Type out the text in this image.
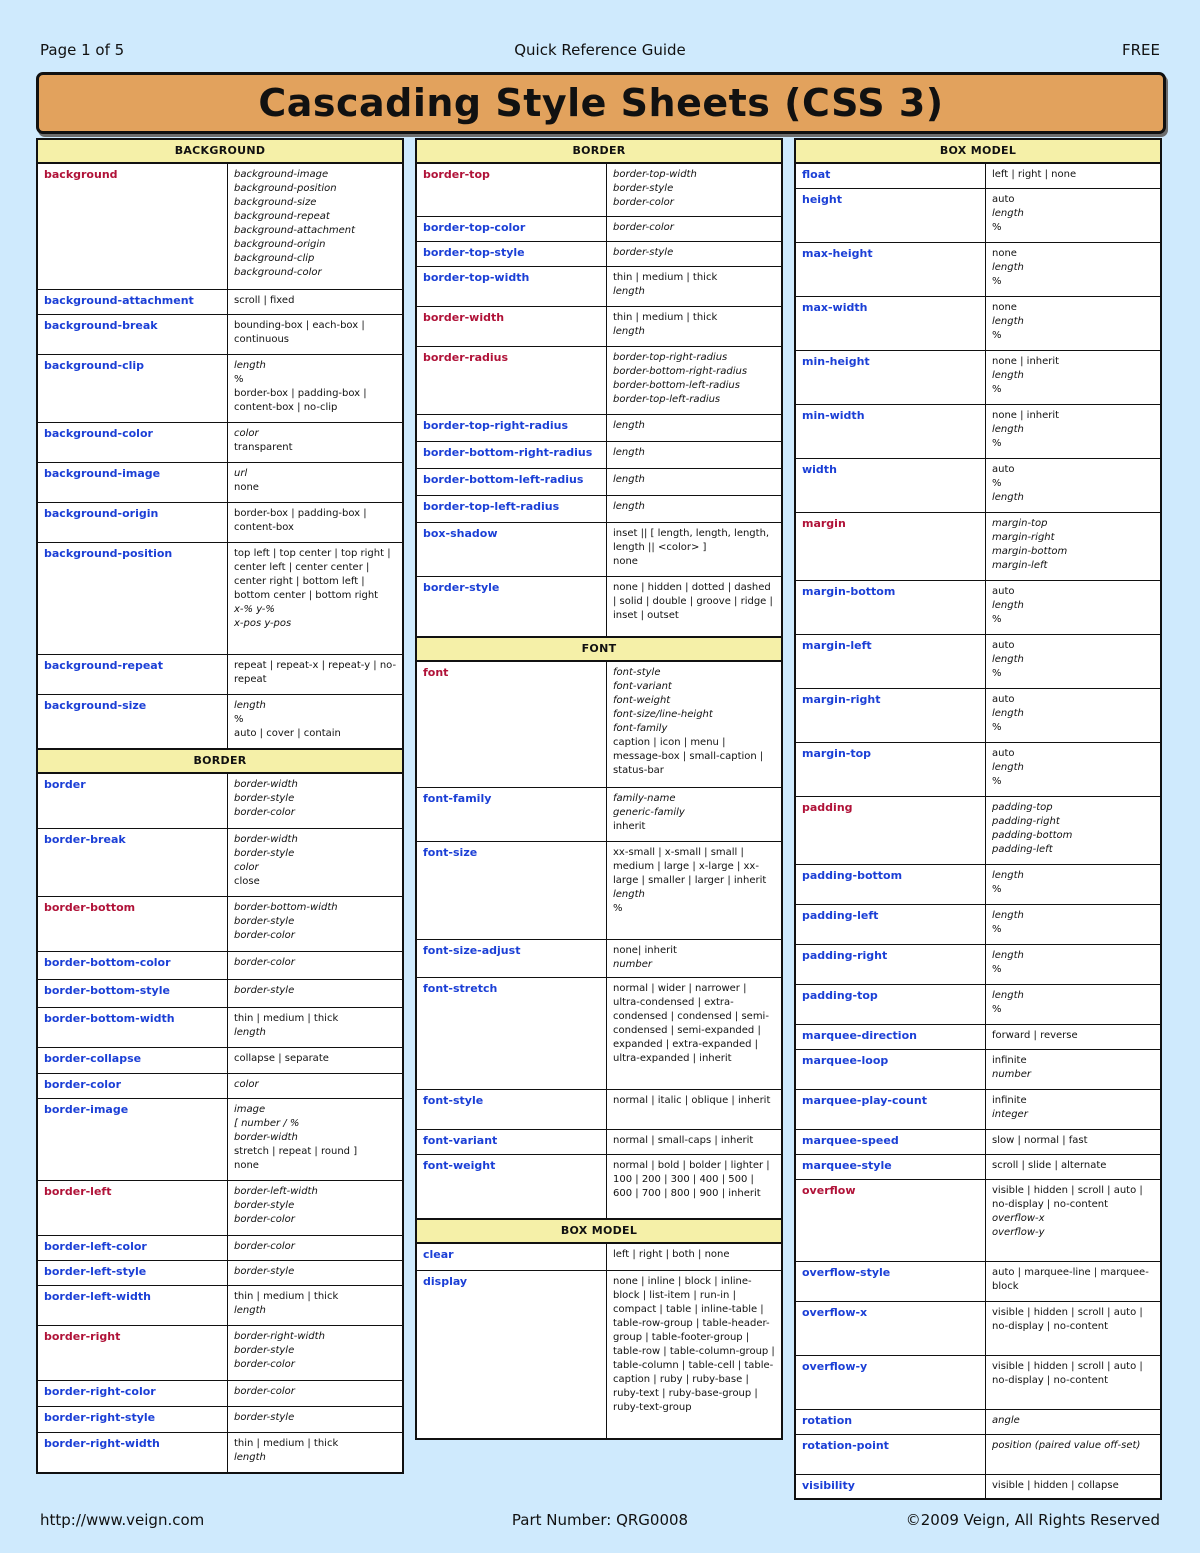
Page 1 of 5	Quick Reference Guide	FREE
Cascading Style Sheets (CSS 3)
BACKGROUND
background	background-image
background-position
background-size
background-repeat
background-attachment
background-origin
background-clip
background-color
background-attachment	scroll | fixed
background-break	bounding-box | each-box | continuous
background-clip	length
%
border-box | padding-box | content-box | no-clip
background-color	color
transparent
background-image	url
none
background-origin	border-box | padding-box | content-box
background-position	top left | top center | top right | center left | center center | center right | bottom left | bottom center | bottom right
x-% y-%
x-pos y-pos
background-repeat	repeat | repeat-x | repeat-y | no-repeat
background-size	length
%
auto | cover | contain
BORDER
border	border-width
border-style
border-color
border-break	border-width
border-style
color
close
border-bottom	border-bottom-width
border-style
border-color
border-bottom-color	border-color
border-bottom-style	border-style
border-bottom-width	thin | medium | thick
length
border-collapse	collapse | separate
border-color	color
border-image	image
[ number / %
border-width
stretch | repeat | round ]
none
border-left	border-left-width
border-style
border-color
border-left-color	border-color
border-left-style	border-style
border-left-width	thin | medium | thick
length
border-right	border-right-width
border-style
border-color
border-right-color	border-color
border-right-style	border-style
border-right-width	thin | medium | thick
length
BORDER
border-top	border-top-width
border-style
border-color
border-top-color	border-color
border-top-style	border-style
border-top-width	thin | medium | thick
length
border-width	thin | medium | thick
length
border-radius	border-top-right-radius
border-bottom-right-radius
border-bottom-left-radius
border-top-left-radius
border-top-right-radius	length
border-bottom-right-radius	length
border-bottom-left-radius	length
border-top-left-radius	length
box-shadow	inset || [ length, length, length, length || <color> ]
none
border-style	none | hidden | dotted | dashed | solid | double | groove | ridge | inset | outset
FONT
font	font-style
font-variant
font-weight
font-size/line-height
font-family
caption | icon | menu | message-box | small-caption | status-bar
font-family	family-name
generic-family
inherit
font-size	xx-small | x-small | small | medium | large | x-large | xx-large | smaller | larger | inherit
length
%
font-size-adjust	none| inherit
number
font-stretch	normal | wider | narrower | ultra-condensed | extra-condensed | condensed | semi-condensed | semi-expanded | expanded | extra-expanded | ultra-expanded | inherit
font-style	normal | italic | oblique | inherit
font-variant	normal | small-caps | inherit
font-weight	normal | bold | bolder | lighter | 100 | 200 | 300 | 400 | 500 | 600 | 700 | 800 | 900 | inherit
BOX MODEL
clear	left | right | both | none
display	none | inline | block | inline-block | list-item | run-in | compact | table | inline-table | table-row-group | table-header-group | table-footer-group | table-row | table-column-group | table-column | table-cell | table-caption | ruby | ruby-base | ruby-text | ruby-base-group | ruby-text-group
BOX MODEL
float	left | right | none
height	auto
length
%
max-height	none
length
%
max-width	none
length
%
min-height	none | inherit
length
%
min-width	none | inherit
length
%
width	auto
%
length
margin	margin-top
margin-right
margin-bottom
margin-left
margin-bottom	auto
length
%
margin-left	auto
length
%
margin-right	auto
length
%
margin-top	auto
length
%
padding	padding-top
padding-right
padding-bottom
padding-left
padding-bottom	length
%
padding-left	length
%
padding-right	length
%
padding-top	length
%
marquee-direction	forward | reverse
marquee-loop	infinite
number
marquee-play-count	infinite
integer
marquee-speed	slow | normal | fast
marquee-style	scroll | slide | alternate
overflow	visible | hidden | scroll | auto | no-display | no-content
overflow-x
overflow-y
overflow-style	auto | marquee-line | marquee-block
overflow-x	visible | hidden | scroll | auto | no-display | no-content
overflow-y	visible | hidden | scroll | auto | no-display | no-content
rotation	angle
rotation-point	position (paired value off-set)
visibility	visible | hidden | collapse
http://www.veign.com	Part Number: QRG0008	©2009 Veign, All Rights Reserved
